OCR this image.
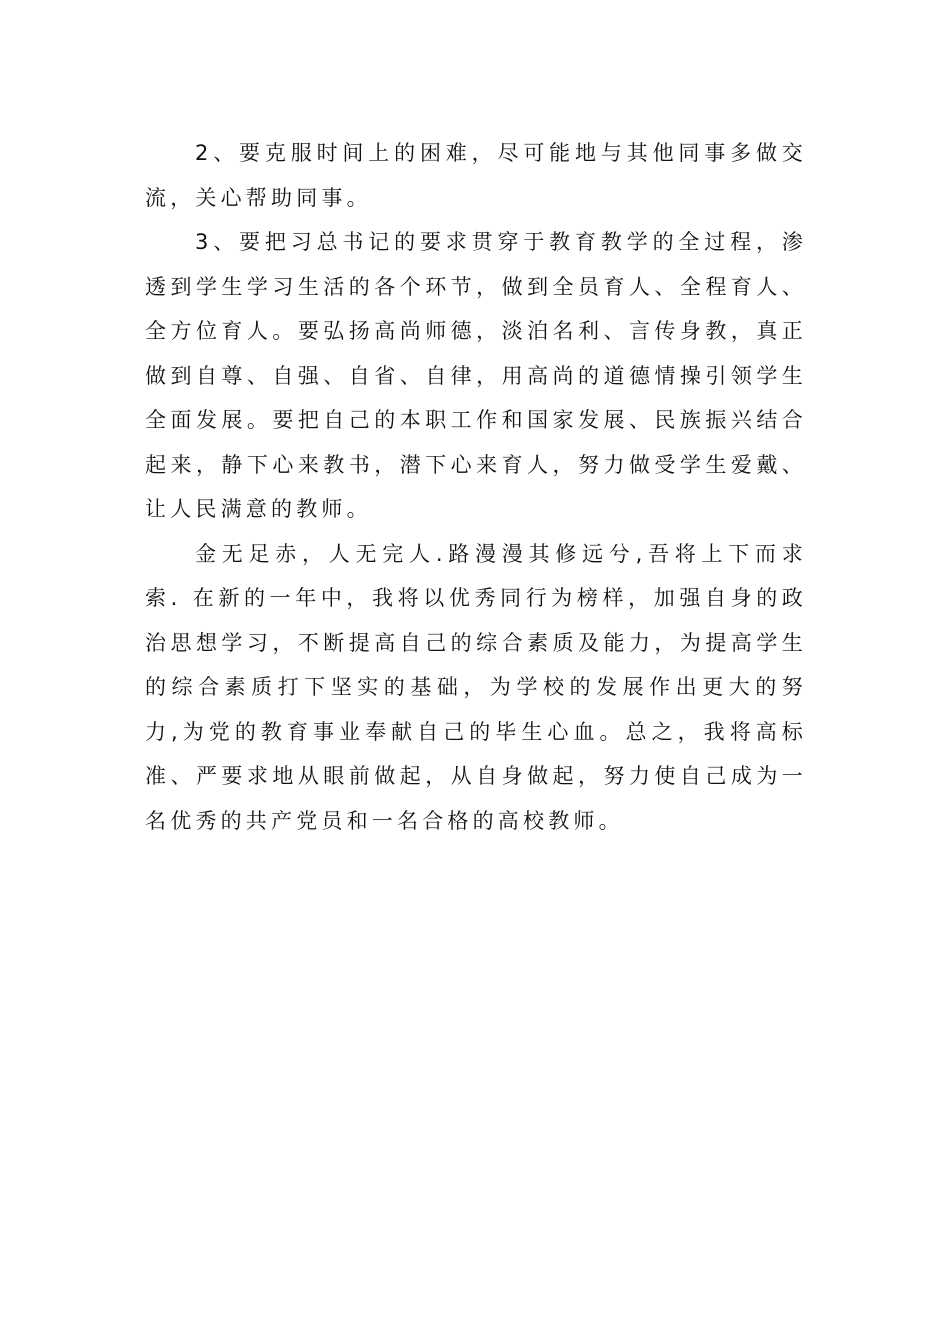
2、要克服时间上的困难，尽可能地与其他同事多做交流，关心帮助同事。

3、要把习总书记的要求贯穿于教育教学的全过程，渗透到学生学习生活的各个环节，做到全员育人、全程育人、全方位育人。要弘扬高尚师德，淡泊名利、言传身教，真正做到自尊、自强、自省、自律，用高尚的道德情操引领学生全面发展。要把自己的本职工作和国家发展、民族振兴结合起来，静下心来教书，潜下心来育人，努力做受学生爱戴、让人民满意的教师。

金无足赤，人无完人.路漫漫其修远兮,吾将上下而求索. 在新的一年中，我将以优秀同行为榜样，加强自身的政治思想学习，不断提高自己的综合素质及能力，为提高学生的综合素质打下坚实的基础，为学校的发展作出更大的努力,为党的教育事业奉献自己的毕生心血。总之，我将高标准、严要求地从眼前做起，从自身做起，努力使自己成为一名优秀的共产党员和一名合格的高校教师。
